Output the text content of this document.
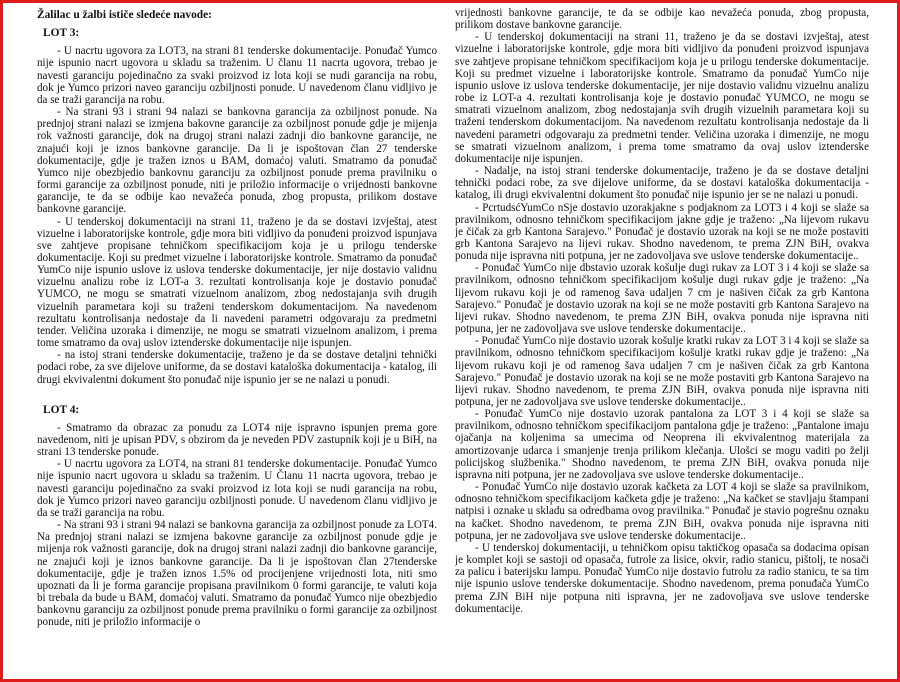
Žalilac u žalbi ističe sledeće navode:
LOT 3:

- U nacrtu ugovora za LOT3, na strani 81 tenderske dokumentacije. Ponuđač Yumco nije ispunio nacrt ugovora u skladu sa traženim. U članu 11 nacrta ugovora, trebao je navesti garanciju pojedinačno za svaki proizvod iz lota koji se nudi garancija na robu, dok je Yumco prizori naveo garanciju ozbiljnosti ponude. U navedenom članu vidljivo je da se traži garancija na robu.

- Na strani 93 i strani 94 nalazi se bankovna garancija za ozbiljnost ponude. Na prednjoj strani nalazi se izmjena bakovne garancije za ozbiljnost ponude gdje je mijenja rok važnosti garancije, dok na drugoj strani nalazi zadnji dio bankovne garancije, ne znajući koji je iznos bankovne garancije. Da li je ispoštovan član 27 tenderske dokumentacije, gdje je tražen iznos u BAM, domaćoj valuti. Smatramo da ponuđač Yumco nije obezbjedio bankovnu garanciju za ozbiljnost ponude prema pravilniku o formi garancije za ozbiljnost ponude, niti je priložio informacije o vrijednosti bankovne garancije, te da se odbije kao nevažeća ponuda, zbog propusta, prilikom dostave bankovne garancije.

- U tenderskoj dokumentaciji na strani 11, traženo je da se dostavi izvještaj, atest vizuelne i laboratorijske kontrole, gdje mora biti vidljivo da ponuđeni proizvod ispunjava sve zahtjeve propisane tehničkom specifikacijom koja je u prilogu tenderske dokumentacije. Koji su predmet vizuelne i laboratorijske kontrole. Smatramo da ponuđač YumCo nije ispunio uslove iz uslova tenderske dokumentacije, jer nije dostavio validnu vizuelnu analizu robe iz LOT-a 3. rezultati kontrolisanja koje je dostavio ponuđač YUMCO, ne mogu se smatrati vizuelnom analizom, zbog nedostajanja svih drugih vizuelnih parametara koji su traženi tenderskom dokumentacijom. Na navedenom rezultatu kontrolisanja nedostaje da li navedeni parametri odgovaraju za predmetni tender. Veličina uzoraka i dimenzije, ne mogu se smatrati vizuelnom analizom, i prema tome smatramo da ovaj uslov iztenderske dokumentacije nije ispunjen.

- na istoj strani tenderske dokumentacije, traženo je da se dostave detaljni tehnički podaci robe, za sve dijelove uniforme, da se dostavi kataloška dokumentacija - katalog, ili drugi ekvivalentni dokument što ponuđač nije ispunio jer se ne nalazi u ponudi.

LOT 4:

- Smatramo da obrazac za ponudu za LOT4 nije ispravno ispunjen prema gore navedenom, niti je upisan PDV, s obzirom da je neveden PDV zastupnik koji je u BiH, na strani 13 tenderske ponude.

- U nacrtu ugovora za LOT4, na strani 81 tenderske dokumentacije. Ponuđač Yumco nije ispunio nacrt ugovora u skladu sa traženim. U Članu 11 nacrta ugovora, trebao je navesti garanciju pojedinačno za svaki proizvod iz lota koji se nudi garancija na robu, dok je Yumco prizori naveo garanciju ozbiljnosti ponude. U navedenom članu vidljivo je da se traži garancija na robu.

- Na strani 93 i strani 94 nalazi se bankovna garancija za ozbiljnost ponude za LOT4. Na prednjoj strani nalazi se izmjena bakovne garancije za ozbiljnost ponude gdje je mijenja rok važnosti garancije, dok na drugoj strani nalazi zadnji dio bankovne garancije, ne znajući koji je iznos bankovne garancije. Da li je ispoštovan član 27tenderske dokumentacije, gdje je tražen iznos 1.5% od procijenjene vrijednosti lota, niti smo upoznati da li je forma garancije propisana pravilnikom 0 formi garancije, te valuti koja bi trebala da bude u BAM, domaćoj valuti. Smatramo da ponuđač Yumco nije obezbjedio bankovnu garanciju za ozbiljnost ponude prema pravilniku o formi garancije za ozbiljnost ponude, niti je priložio informacije o

vrijednosti bankovne garancije, te da se odbije kao nevažeća ponuda, zbog propusta, prilikom dostave bankovne garancije.

- U tenderskoj dokumentaciji na strani 11, traženo je da se dostavi izvještaj, atest vizuelne i laboratorijske kontrole, gdje mora biti vidljivo da ponuđeni proizvod ispunjava sve zahtjeve propisane tehničkom specifikacijom koja je u prilogu tenderske dokumentacije. Koji su predmet vizuelne i laboratorijske kontrole. Smatramo da ponuđač YumCo nije ispunio uslove iz uslova tenderske dokumentacije, jer nije dostavio validnu vizuelnu analizu robe iz LOT-a 4. rezultati kontrolisanja koje je dostavio ponuđač YUMCO, ne mogu se smatrati vizuelnom analizom, zbog nedostajanja svih drugih vizuelnih parametara koji su traženi tenderskom dokumentacijom. Na navedenom rezultatu kontrolisanja nedostaje da li navedeni parametri odgovaraju za predmetni tender. Veličina uzoraka i dimenzije, ne mogu se smatrati vizuelnom analizom, i prema tome smatramo da ovaj uslov iztenderske dokumentacije nije ispunjen.

- Nadalje, na istoj strani tenderske dokumentacije, traženo je da se dostave detaljni tehnički podaci robe, za sve dijelove uniforme, da se dostavi kataloška dokumentacija - katalog, ili drugi ekvivalentni dokument što ponuđač nije ispunio jer se ne nalazi u ponudi.

- PcrtudsćYumCo nSje dostavio uzorakjakne s podjaknom za LOT3 i 4 koji se slaže sa pravilnikom, odnosno tehničkom specifikacijom jakne gdje je traženo: „Na lijevom rukavu je čičak za grb Kantona Sarajevo." Ponuđač je dostavio uzorak na koji se ne može postaviti grb Kantona Sarajevo na lijevi rukav. Shodno navedenom, te prema ZJN BiH, ovakva ponuda nije ispravna niti potpuna, jer ne zadovoljava sve uslove tenderske dokumentacije..

- Ponuđač YumCo nije dbstavio uzorak košulje dugi rukav za LOT 3 i 4 koji se slaže sa pravilnikom, odnosno tehničkom specifikacijom košulje dugi rukav gdje je traženo: „Na lijevom rukavu koji je od ramenog šava udaljen 7 cm je našiven čičak za grb Kantona Sarajevo." Ponuđač je dostavio uzorak na koji se ne može postaviti grb Kantona Sarajevo na lijevi rukav. Shodno navedenom, te prema ZJN BiH, ovakva ponuda nije ispravna niti potpuna, jer ne zadovoljava sve uslove tenderske dokumentacije..

- Ponuđač YumCo nije dostavio uzorak košulje kratki rukav za LOT 3 i 4 koji se slaže sa pravilnikom, odnosno tehničkom specifikacijom košulje kratki rukav gdje je traženo: „Na lijevom rukavu koji je od ramenog šava udaljen 7 cm je našiven čičak za grb Kantona Sarajevo." Ponuđač je dostavio uzorak na koji se ne može postaviti grb Kantona Sarajevo na lijevi rukav. Shodno navedenom, te prema ZJN BiH, ovakva ponuda nije ispravna niti potpuna, jer ne zadovoljava sve uslove tenderske dokumentacije..

- Ponuđač YumCo nije dostavio uzorak pantalona za LOT 3 i 4 koji se slaže sa pravilnikom, odnosno tehničkom specifikacijom pantalona gdje je traženo: „Pantalone imaju ojačanja na koljenima sa umecima od Neoprena ili ekvivalentnog materijala za amortizovanje udarca i smanjenje trenja prilikom klečanja. Ulošci se mogu vaditi po želji policijskog službenika." Shodno navedenom, te prema ZJN BiH, ovakva ponuda nije ispravna niti potpuna, jer ne zadovoljava sve uslove tenderske dokumentacije..

- Ponuđač YumCo nije dostavio uzorak kačketa za LOT 4 koji se slaže sa pravilnikom, odnosno tehničkom specifikacijom kačketa gdje je traženo: „Na kačket se stavljaju štampani natpisi i oznake u skladu sa odredbama ovog pravilnika." Ponuđač je stavio pogrešnu oznaku na kačket. Shodno navedenom, te prema ZJN BiH, ovakva ponuda nije ispravna niti potpuna, jer ne zadovoljava sve uslove tenderske dokumentacije..

- U tenderskoj dokumentaciji, u tehničkom opisu taktičkog opasača sa dodacima opisan je komplet koji se sastoji od opasača, futrole za lisice, okvir, radio stanicu, pištolj, te nosači za palicu i baterijsku lampu. Ponuđač YumCo nije dostavio futrolu za radio stanicu, te sa tim nije ispunio uslove tenderske dokumentacije. Shodno navedenom, prema ponuđača YumCo prema ZJN BiH nije potpuna niti ispravna, jer ne zadovoljava sve uslove tenderske dokumentacije.
